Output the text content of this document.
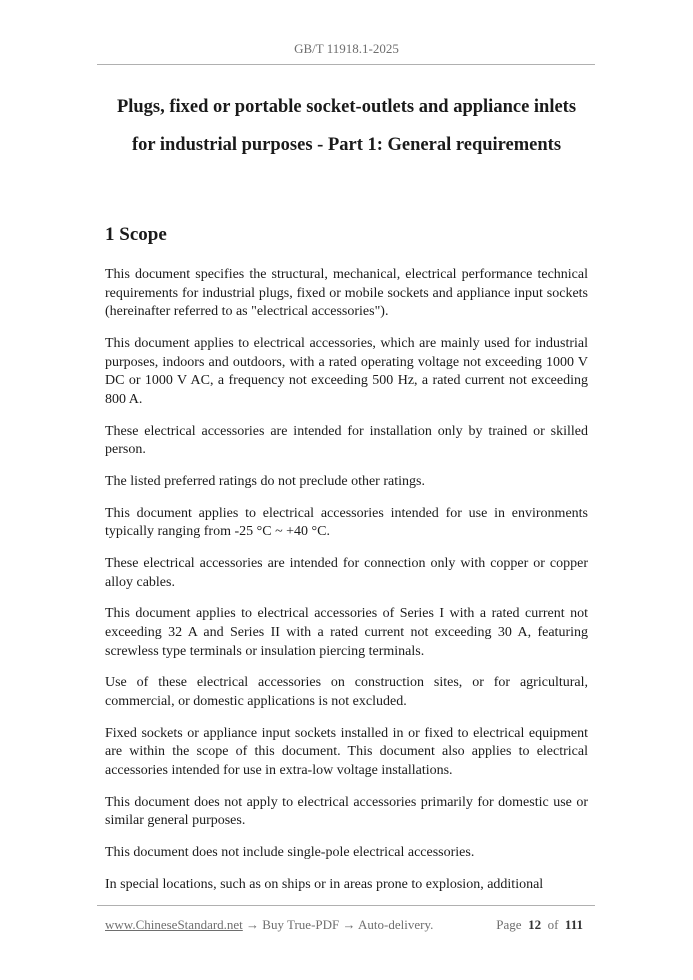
GB/T 11918.1-2025
Plugs, fixed or portable socket-outlets and appliance inlets
for industrial purposes - Part 1: General requirements
1 Scope

This document specifies the structural, mechanical, electrical performance technical requirements for industrial plugs, fixed or mobile sockets and appliance input sockets (hereinafter referred to as "electrical accessories").

This document applies to electrical accessories, which are mainly used for industrial purposes, indoors and outdoors, with a rated operating voltage not exceeding 1000 V DC or 1000 V AC, a frequency not exceeding 500 Hz, a rated current not exceeding 800 A.

These electrical accessories are intended for installation only by trained or skilled person.

The listed preferred ratings do not preclude other ratings.

This document applies to electrical accessories intended for use in environments typically ranging from -25 °C ~ +40 °C.

These electrical accessories are intended for connection only with copper or copper alloy cables.

This document applies to electrical accessories of Series I with a rated current not exceeding 32 A and Series II with a rated current not exceeding 30 A, featuring screwless type terminals or insulation piercing terminals.

Use of these electrical accessories on construction sites, or for agricultural, commercial, or domestic applications is not excluded.

Fixed sockets or appliance input sockets installed in or fixed to electrical equipment are within the scope of this document. This document also applies to electrical accessories intended for use in extra-low voltage installations.

This document does not apply to electrical accessories primarily for domestic use or similar general purposes.

This document does not include single-pole electrical accessories.

In special locations, such as on ships or in areas prone to explosion, additional

www.ChineseStandard.net → Buy True-PDF → Auto-delivery.	Page 12 of 111
